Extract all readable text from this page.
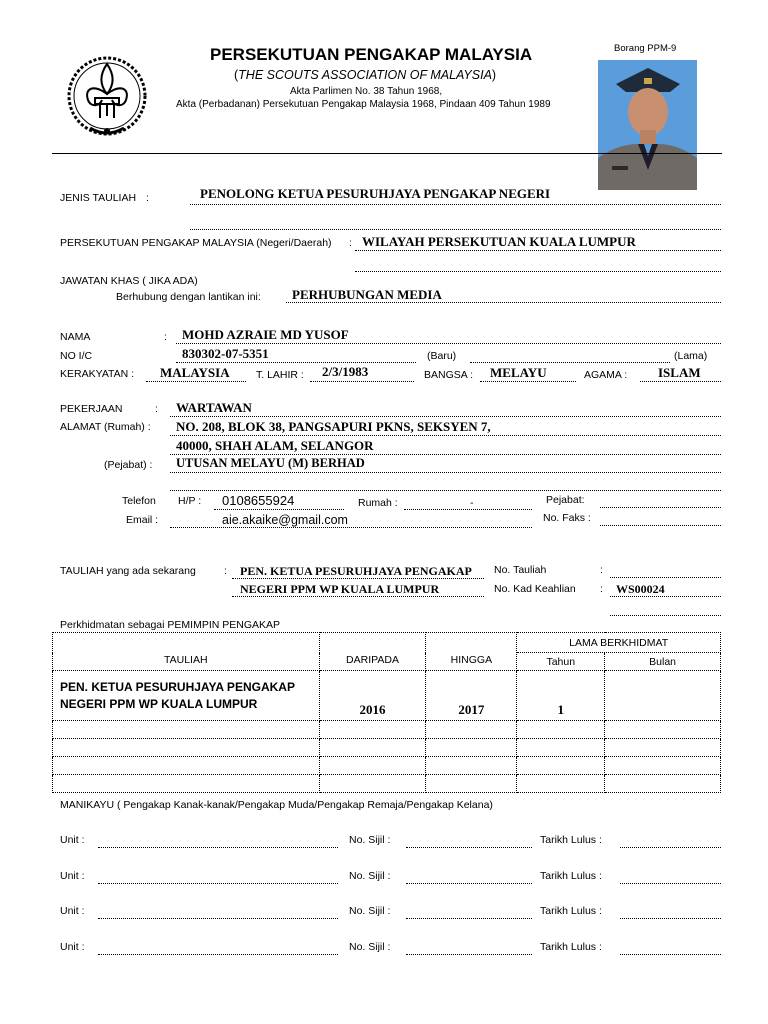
Borang PPM-9
PERSEKUTUAN PENGAKAP MALAYSIA
(THE SCOUTS ASSOCIATION OF MALAYSIA)
Akta Parlimen No. 38 Tahun 1968,
Akta (Perbadanan) Persekutuan Pengakap Malaysia 1968, Pindaan 409 Tahun 1989
JENIS TAULIAH :	PENOLONG KETUA PESURUHJAYA PENGAKAP NEGERI
PERSEKUTUAN PENGAKAP MALAYSIA (Negeri/Daerah) : WILAYAH PERSEKUTUAN KUALA LUMPUR
JAWATAN KHAS ( JIKA ADA)
Berhubung dengan lantikan ini: PERHUBUNGAN MEDIA
NAMA	: MOHD AZRAIE MD YUSOF
NO I/C	830302-07-5351	(Baru)	(Lama)
KERAKYATAN : MALAYSIA	T. LAHIR : 2/3/1983	BANGSA : MELAYU	AGAMA : ISLAM
PEKERJAAN	: WARTAWAN
ALAMAT (Rumah) : NO. 208, BLOK 38, PANGSAPURI PKNS, SEKSYEN 7,
40000, SHAH ALAM, SELANGOR
(Pejabat) : UTUSAN MELAYU (M) BERHAD
Telefon H/P : 0108655924	Rumah :	-	Pejabat:
Email :	aie.akaike@gmail.com	No. Faks :
TAULIAH yang ada sekarang	: PEN. KETUA PESURUHJAYA PENGAKAP
NEGERI PPM WP KUALA LUMPUR
No. Tauliah	:
No. Kad Keahlian : WS00024
Perkhidmatan sebagai PEMIMPIN PENGAKAP
TAULIAH	DARIPADA	HINGGA	LAMA BERKHIDMAT	
			Tahun	Bulan

PEN. KETUA PESURUHJAYA PENGAKAP
NEGERI PPM WP KUALA LUMPUR	2016	2017	1	

MANIKAYU ( Pengakap Kanak-kanak/Pengakap Muda/Pengakap Remaja/Pengakap Kelana)
Unit :	No. Sijil :	Tarikh Lulus :
Unit :	No. Sijil :	Tarikh Lulus :
Unit :	No. Sijil :	Tarikh Lulus :
Unit :	No. Sijil :	Tarikh Lulus :
